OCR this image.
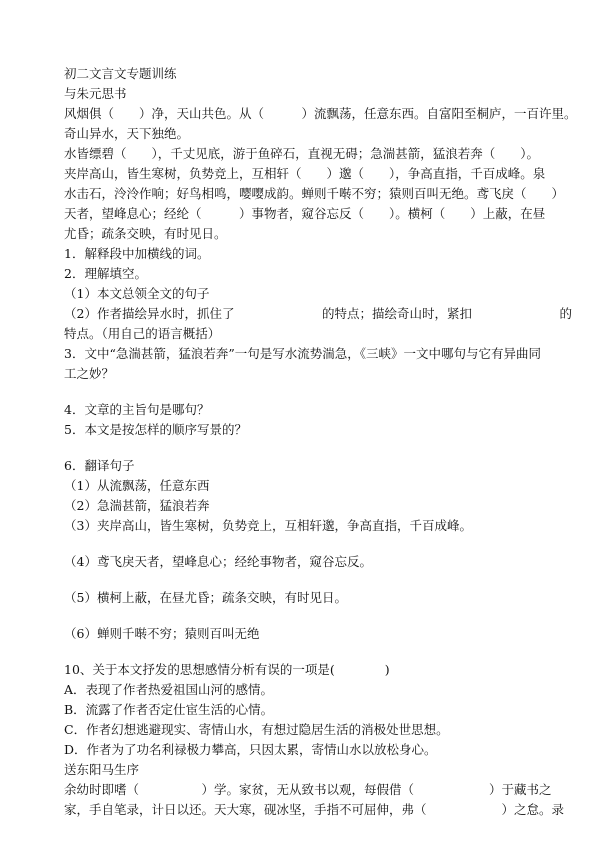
初二文言文专题训练
与朱元思书
风烟俱（　　）净，天山共色。从（　　　）流飘荡，任意东西。自富阳至桐庐，一百许里。
奇山异水，天下独绝。
水皆缥碧（　　），千丈见底，游于鱼碎石，直视无碍；急湍甚箭，猛浪若奔（　　）。
夹岸高山，皆生寒树，负势竞上，互相轩（　　）邈（　　），争高直指，千百成峰。泉
水击石，泠泠作响；好鸟相鸣，嘤嘤成韵。蝉则千啭不穷；猿则百叫无绝。鸢飞戾（　　）
天者，望峰息心；经纶（　　　）事物者，窥谷忘反（　　）。横柯（　　）上蔽，在昼
尤昏；疏条交映，有时见日。
1．解释段中加横线的词。
2．理解填空。
（1）本文总领全文的句子
（2）作者描绘异水时，抓住了　　　　　　　的特点；描绘奇山时，紧扣　　　　　　　的
特点。（用自己的语言概括）
3．文中“急湍甚箭，猛浪若奔”一句是写水流势湍急，《三峡》一文中哪句与它有异曲同
工之妙？
4．文章的主旨句是哪句？
5．本文是按怎样的顺序写景的？
6．翻译句子
（1）从流飘荡，任意东西
（2）急湍甚箭，猛浪若奔
（3）夹岸高山，皆生寒树，负势竞上，互相轩邈，争高直指，千百成峰。
（4）鸢飞戾天者，望峰息心；经纶事物者，窥谷忘反。
（5）横柯上蔽，在昼尤昏；疏条交映，有时见日。
（6）蝉则千啭不穷；猿则百叫无绝
10、关于本文抒发的思想感情分析有误的一项是(　　　　)
A．表现了作者热爱祖国山河的感情。
B．流露了作者否定仕宦生活的心情。
C．作者幻想逃避现实、寄情山水，有想过隐居生活的消极处世思想。
D．作者为了功名利禄极力攀高，只因太累，寄情山水以放松身心。
送东阳马生序
余幼时即嗜（　　　　　）学。家贫，无从致书以观，每假借（　　　　　　）于藏书之
家，手自笔录，计日以还。天大寒，砚冰坚，手指不可屈伸，弗（　　　　　　）之怠。录
